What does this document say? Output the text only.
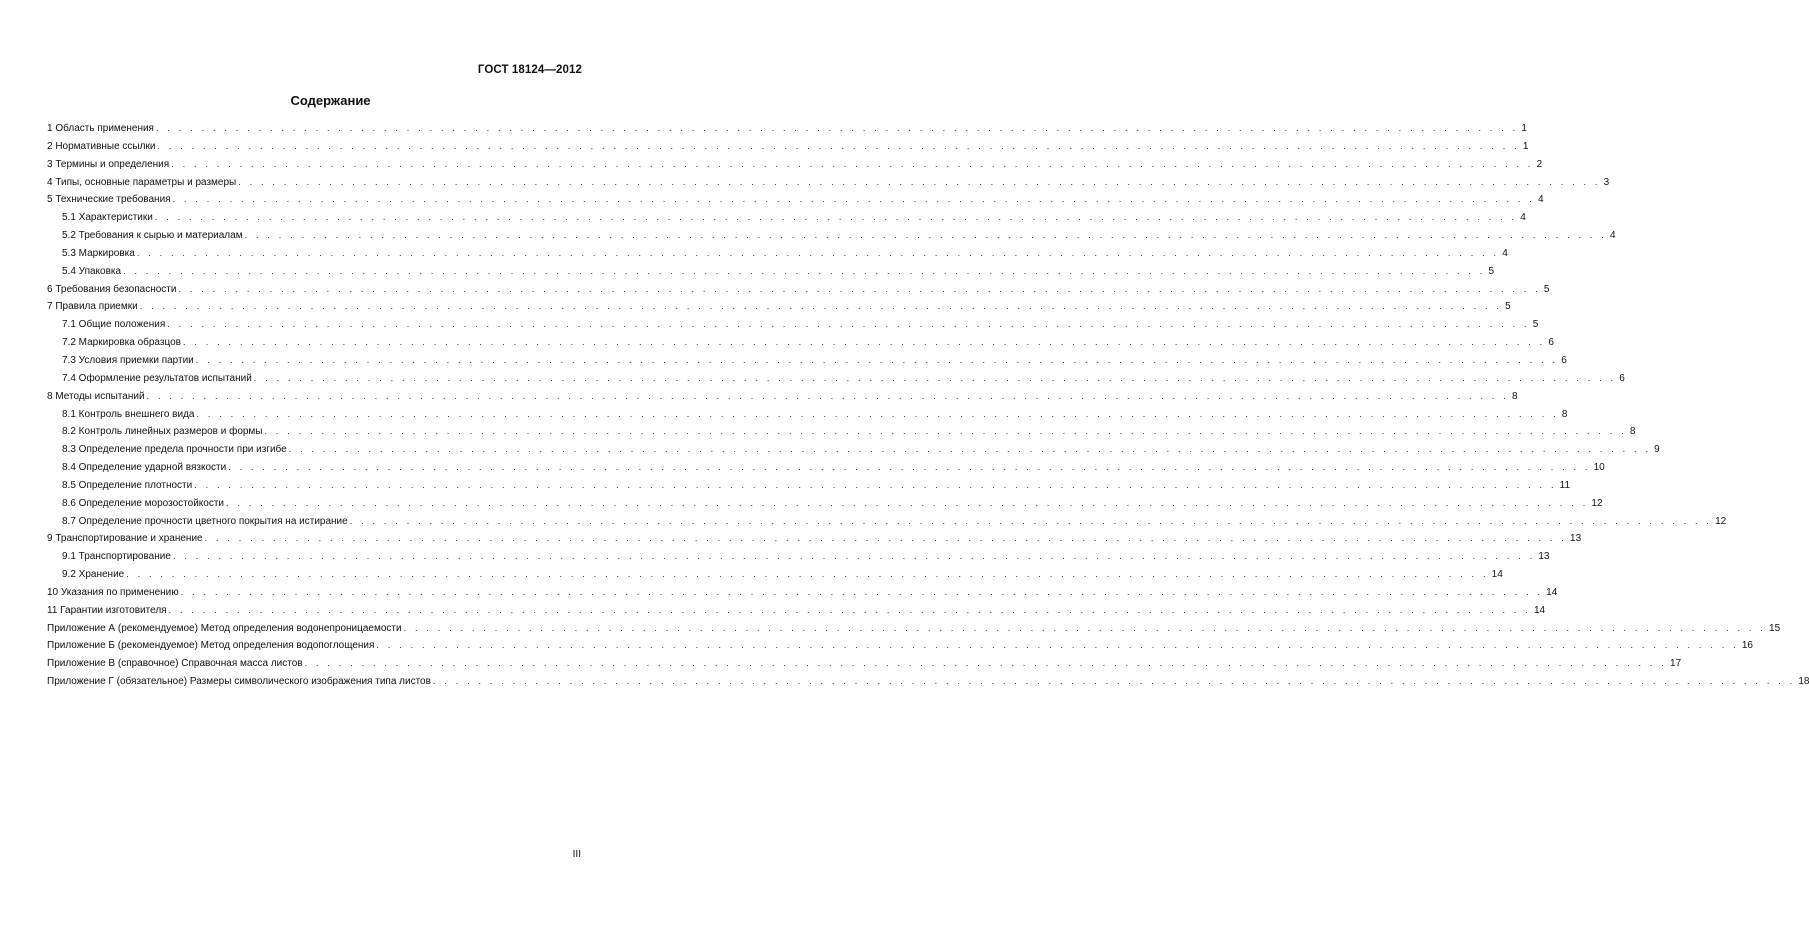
ГОСТ 18124—2012
Содержание
1 Область применения . . . . . . . . . . . . . . . . . . . . . . . . . . . . . . . . . . . . . . . . . . . . . . . . . . . . . . . . . . . . . . . . . . . . . . . . . . . . . . . . . . . . . . . . . . . . . . . . . . . . . . . . . . . . . . . . . . . . . . . . 1
2 Нормативные ссылки . . . . . . . . . . . . . . . . . . . . . . . . . . . . . . . . . . . . . . . . . . . . . . . . . . . . . . . . . . . . . . . . . . . . . . . . . . . . . . . . . . . . . . . . . . . . . . . . . . . . . . . . . . . . . . . . . . . . . . . . 1
3 Термины и определения . . . . . . . . . . . . . . . . . . . . . . . . . . . . . . . . . . . . . . . . . . . . . . . . . . . . . . . . . . . . . . . . . . . . . . . . . . . . . . . . . . . . . . . . . . . . . . . . . . . . . . . . . . . . . . . . . . . . . . . . 2
4 Типы, основные параметры и размеры . . . . . . . . . . . . . . . . . . . . . . . . . . . . . . . . . . . . . . . . . . . . . . . . . . . . . . . . . . . . . . . . . . . . . . . . . . . . . . . . . . . . . . . . . . . . . . . . . . . . . . . . . . . . . . . . . . . . . . . . 3
5 Технические требования . . . . . . . . . . . . . . . . . . . . . . . . . . . . . . . . . . . . . . . . . . . . . . . . . . . . . . . . . . . . . . . . . . . . . . . . . . . . . . . . . . . . . . . . . . . . . . . . . . . . . . . . . . . . . . . . . . . . . . . . 4
5.1 Характеристики . . . . . . . . . . . . . . . . . . . . . . . . . . . . . . . . . . . . . . . . . . . . . . . . . . . . . . . . . . . . . . . . . . . . . . . . . . . . . . . . . . . . . . . . . . . . . . . . . . . . . . . . . . . . . . . . . . . . . . . . 4
5.2 Требования к сырью и материалам . . . . . . . . . . . . . . . . . . . . . . . . . . . . . . . . . . . . . . . . . . . . . . . . . . . . . . . . . . . . . . . . . . . . . . . . . . . . . . . . . . . . . . . . . . . . . . . . . . . . . . . . . . . . . . . . . . . . . . . . 4
5.3 Маркировка . . . . . . . . . . . . . . . . . . . . . . . . . . . . . . . . . . . . . . . . . . . . . . . . . . . . . . . . . . . . . . . . . . . . . . . . . . . . . . . . . . . . . . . . . . . . . . . . . . . . . . . . . . . . . . . . . . . . . . . . 4
5.4 Упаковка . . . . . . . . . . . . . . . . . . . . . . . . . . . . . . . . . . . . . . . . . . . . . . . . . . . . . . . . . . . . . . . . . . . . . . . . . . . . . . . . . . . . . . . . . . . . . . . . . . . . . . . . . . . . . . . . . . . . . . . . 5
6 Требования безопасности . . . . . . . . . . . . . . . . . . . . . . . . . . . . . . . . . . . . . . . . . . . . . . . . . . . . . . . . . . . . . . . . . . . . . . . . . . . . . . . . . . . . . . . . . . . . . . . . . . . . . . . . . . . . . . . . . . . . . . . . 5
7 Правила приемки . . . . . . . . . . . . . . . . . . . . . . . . . . . . . . . . . . . . . . . . . . . . . . . . . . . . . . . . . . . . . . . . . . . . . . . . . . . . . . . . . . . . . . . . . . . . . . . . . . . . . . . . . . . . . . . . . . . . . . . . 5
7.1 Общие положения . . . . . . . . . . . . . . . . . . . . . . . . . . . . . . . . . . . . . . . . . . . . . . . . . . . . . . . . . . . . . . . . . . . . . . . . . . . . . . . . . . . . . . . . . . . . . . . . . . . . . . . . . . . . . . . . . . . . . . . . 5
7.2 Маркировка образцов . . . . . . . . . . . . . . . . . . . . . . . . . . . . . . . . . . . . . . . . . . . . . . . . . . . . . . . . . . . . . . . . . . . . . . . . . . . . . . . . . . . . . . . . . . . . . . . . . . . . . . . . . . . . . . . . . . . . . . . . 6
7.3 Условия приемки партии . . . . . . . . . . . . . . . . . . . . . . . . . . . . . . . . . . . . . . . . . . . . . . . . . . . . . . . . . . . . . . . . . . . . . . . . . . . . . . . . . . . . . . . . . . . . . . . . . . . . . . . . . . . . . . . . . . . . . . . . 6
7.4 Оформление результатов испытаний . . . . . . . . . . . . . . . . . . . . . . . . . . . . . . . . . . . . . . . . . . . . . . . . . . . . . . . . . . . . . . . . . . . . . . . . . . . . . . . . . . . . . . . . . . . . . . . . . . . . . . . . . . . . . . . . . . . . . . . . 6
8 Методы испытаний . . . . . . . . . . . . . . . . . . . . . . . . . . . . . . . . . . . . . . . . . . . . . . . . . . . . . . . . . . . . . . . . . . . . . . . . . . . . . . . . . . . . . . . . . . . . . . . . . . . . . . . . . . . . . . . . . . . . . . . . 8
8.1 Контроль внешнего вида . . . . . . . . . . . . . . . . . . . . . . . . . . . . . . . . . . . . . . . . . . . . . . . . . . . . . . . . . . . . . . . . . . . . . . . . . . . . . . . . . . . . . . . . . . . . . . . . . . . . . . . . . . . . . . . . . . . . . . . . 8
8.2 Контроль линейных размеров и формы . . . . . . . . . . . . . . . . . . . . . . . . . . . . . . . . . . . . . . . . . . . . . . . . . . . . . . . . . . . . . . . . . . . . . . . . . . . . . . . . . . . . . . . . . . . . . . . . . . . . . . . . . . . . . . . . . . . . . . . . 8
8.3 Определение предела прочности при изгибе . . . . . . . . . . . . . . . . . . . . . . . . . . . . . . . . . . . . . . . . . . . . . . . . . . . . . . . . . . . . . . . . . . . . . . . . . . . . . . . . . . . . . . . . . . . . . . . . . . . . . . . . . . . . . . . . . . . . . . . . 9
8.4 Определение ударной вязкости . . . . . . . . . . . . . . . . . . . . . . . . . . . . . . . . . . . . . . . . . . . . . . . . . . . . . . . . . . . . . . . . . . . . . . . . . . . . . . . . . . . . . . . . . . . . . . . . . . . . . . . . . . . . . . . . . . . . . . . . 10
8.5 Определение плотности . . . . . . . . . . . . . . . . . . . . . . . . . . . . . . . . . . . . . . . . . . . . . . . . . . . . . . . . . . . . . . . . . . . . . . . . . . . . . . . . . . . . . . . . . . . . . . . . . . . . . . . . . . . . . . . . . . . . . . . . 11
8.6 Определение морозостойкости . . . . . . . . . . . . . . . . . . . . . . . . . . . . . . . . . . . . . . . . . . . . . . . . . . . . . . . . . . . . . . . . . . . . . . . . . . . . . . . . . . . . . . . . . . . . . . . . . . . . . . . . . . . . . . . . . . . . . . . . 12
8.7 Определение прочности цветного покрытия на истирание . . . . . . . . . . . . . . . . . . . . . . . . . . . . . . . . . . . . . . . . . . . . . . . . . . . . . . . . . . . . . . . . . . . . . . . . . . . . . . . . . . . . . . . . . . . . . . . . . . . . . . . . . . . . . . . . . . . . . . . . 12
9 Транспортирование и хранение . . . . . . . . . . . . . . . . . . . . . . . . . . . . . . . . . . . . . . . . . . . . . . . . . . . . . . . . . . . . . . . . . . . . . . . . . . . . . . . . . . . . . . . . . . . . . . . . . . . . . . . . . . . . . . . . . . . . . . . . 13
9.1 Транспортирование . . . . . . . . . . . . . . . . . . . . . . . . . . . . . . . . . . . . . . . . . . . . . . . . . . . . . . . . . . . . . . . . . . . . . . . . . . . . . . . . . . . . . . . . . . . . . . . . . . . . . . . . . . . . . . . . . . . . . . . . 13
9.2 Хранение . . . . . . . . . . . . . . . . . . . . . . . . . . . . . . . . . . . . . . . . . . . . . . . . . . . . . . . . . . . . . . . . . . . . . . . . . . . . . . . . . . . . . . . . . . . . . . . . . . . . . . . . . . . . . . . . . . . . . . . . 14
10 Указания по применению . . . . . . . . . . . . . . . . . . . . . . . . . . . . . . . . . . . . . . . . . . . . . . . . . . . . . . . . . . . . . . . . . . . . . . . . . . . . . . . . . . . . . . . . . . . . . . . . . . . . . . . . . . . . . . . . . . . . . . . . 14
11 Гарантии изготовителя . . . . . . . . . . . . . . . . . . . . . . . . . . . . . . . . . . . . . . . . . . . . . . . . . . . . . . . . . . . . . . . . . . . . . . . . . . . . . . . . . . . . . . . . . . . . . . . . . . . . . . . . . . . . . . . . . . . . . . . . 14
Приложение А (рекомендуемое) Метод определения водонепроницаемости . . . . . . . . . . . . . . . . . . . . . . . . . . . . . . . . . . . . . . . . . . . . . . . . . . . . . . . . . . . . . . . . . . . . . . . . . . . . . . . . . . . . . . . . . . . . . . . . . . . . . . . . . . . . . . . . . . . . . . . . 15
Приложение Б (рекомендуемое) Метод определения водопоглощения . . . . . . . . . . . . . . . . . . . . . . . . . . . . . . . . . . . . . . . . . . . . . . . . . . . . . . . . . . . . . . . . . . . . . . . . . . . . . . . . . . . . . . . . . . . . . . . . . . . . . . . . . . . . . . . . . . . . . . . . 16
Приложение В (справочное) Справочная масса листов . . . . . . . . . . . . . . . . . . . . . . . . . . . . . . . . . . . . . . . . . . . . . . . . . . . . . . . . . . . . . . . . . . . . . . . . . . . . . . . . . . . . . . . . . . . . . . . . . . . . . . . . . . . . . . . . . . . . . . . . 17
Приложение Г (обязательное) Размеры символического изображения типа листов . . . . . . . . . . . . . . . . . . . . . . . . . . . . . . . . . . . . . . . . . . . . . . . . . . . . . . . . . . . . . . . . . . . . . . . . . . . . . . . . . . . . . . . . . . . . . . . . . . . . . . . . . . . . . . . . . . . . . . . . 18
III
